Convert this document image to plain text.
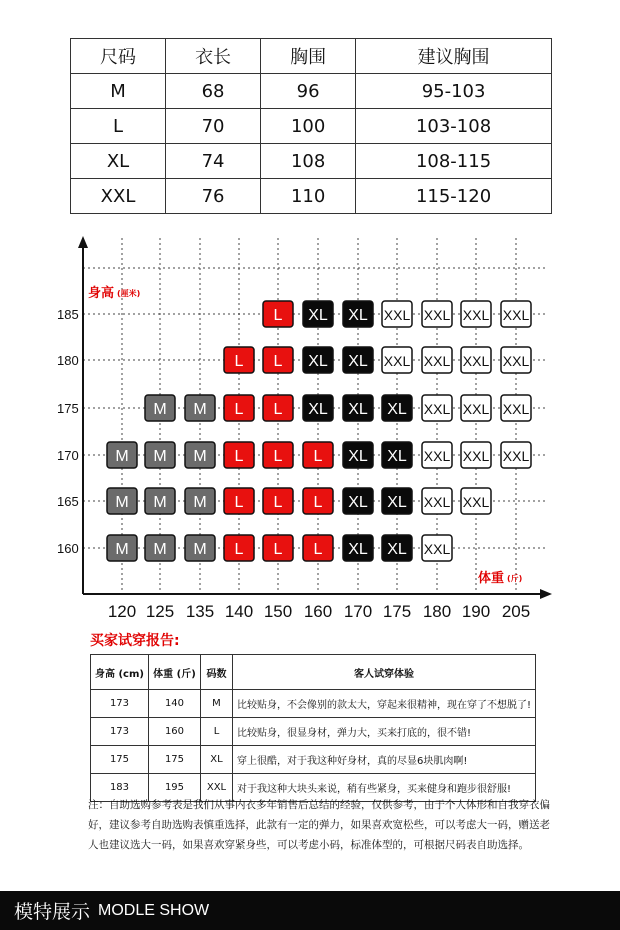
尺码	衣长	胸围	建议胸围
M	68	96	95-103
L	70	100	103-108
XL	74	108	108-115
XXL	76	110	115-120
身高 (厘米)
体重 (斤)
185
180
175
170
165
160
120 125 135 140 150 160 170 175 180 190 205
L XL XL XXL XXL XXL XXL
L L XL XL XXL XXL XXL XXL
M M L L XL XL XL XXL XXL XXL
M M M L L L XL XL XXL XXL XXL
M M M L L L XL XL XXL XXL
M M M L L L XL XL XXL
买家试穿报告:
身高 (cm)	体重 (斤)	码数	客人试穿体验
173	140	M	比较贴身，不会像别的款太大，穿起来很精神，现在穿了不想脱了!
173	160	L	比较贴身，很显身材，弹力大，买来打底的，很不错!
175	175	XL	穿上很酷，对于我这种好身材，真的尽显6块肌肉啊!
183	195	XXL	对于我这种大块头来说，稍有些紧身，买来健身和跑步很舒服!
注：自助选购参考表是我们从事内衣多年销售后总结的经验，仅供参考，由于个人体形和自我穿衣偏好，建议参考自助选购表慎重选择，此款有一定的弹力，如果喜欢宽松些，可以考虑大一码，赠送老人也建议选大一码，如果喜欢穿紧身些，可以考虑小码，标准体型的，可根据尺码表自助选择。
模特展示 MODLE SHOW
